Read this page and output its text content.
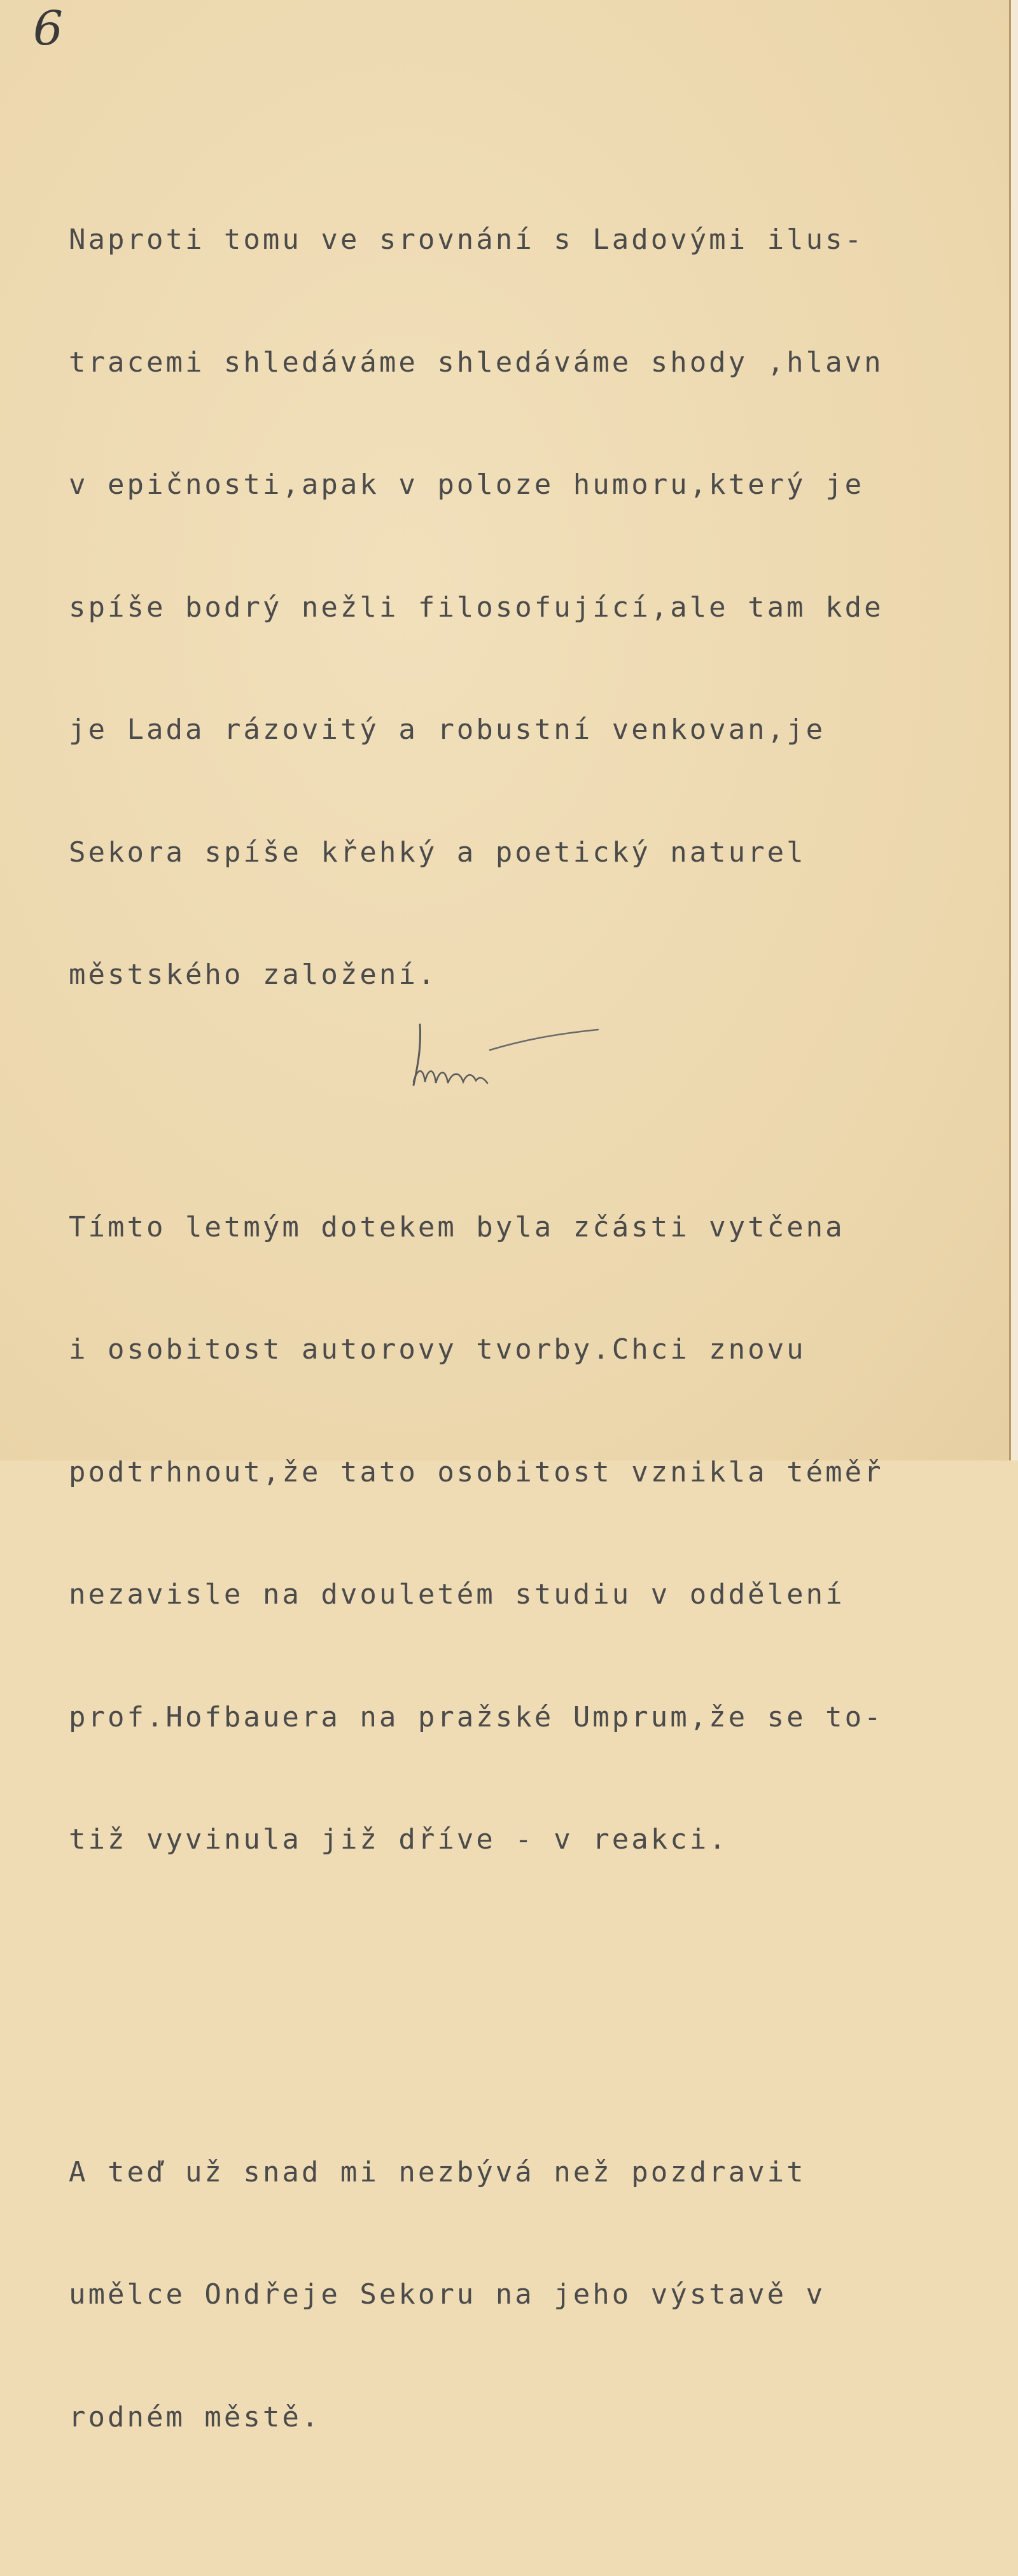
6

Naproti tomu ve srovnání s Ladovými ilus-

tracemi shledáváme shledáváme shody ,hlavn

v epičnosti,apak v poloze humoru,který je

spíše bodrý nežli filosofující,ale tam kde

je Lada rázovitý a robustní venkovan,je

Sekora spíše křehký a poetický naturel

městského založení.

Tímto letmým dotekem byla zčásti vytčena

i osobitost autorovy tvorby.Chci znovu

podtrhnout,že tato osobitost vznikla téměř

nezavisle na dvouletém studiu v oddělení

prof.Hofbauera na pražské Umprum,že se to-

tiž vyvinula již dříve - v reakci.

A teď už snad mi nezbývá než pozdravit

umělce Ondřeje Sekoru na jeho výstavě v

rodném městě.
